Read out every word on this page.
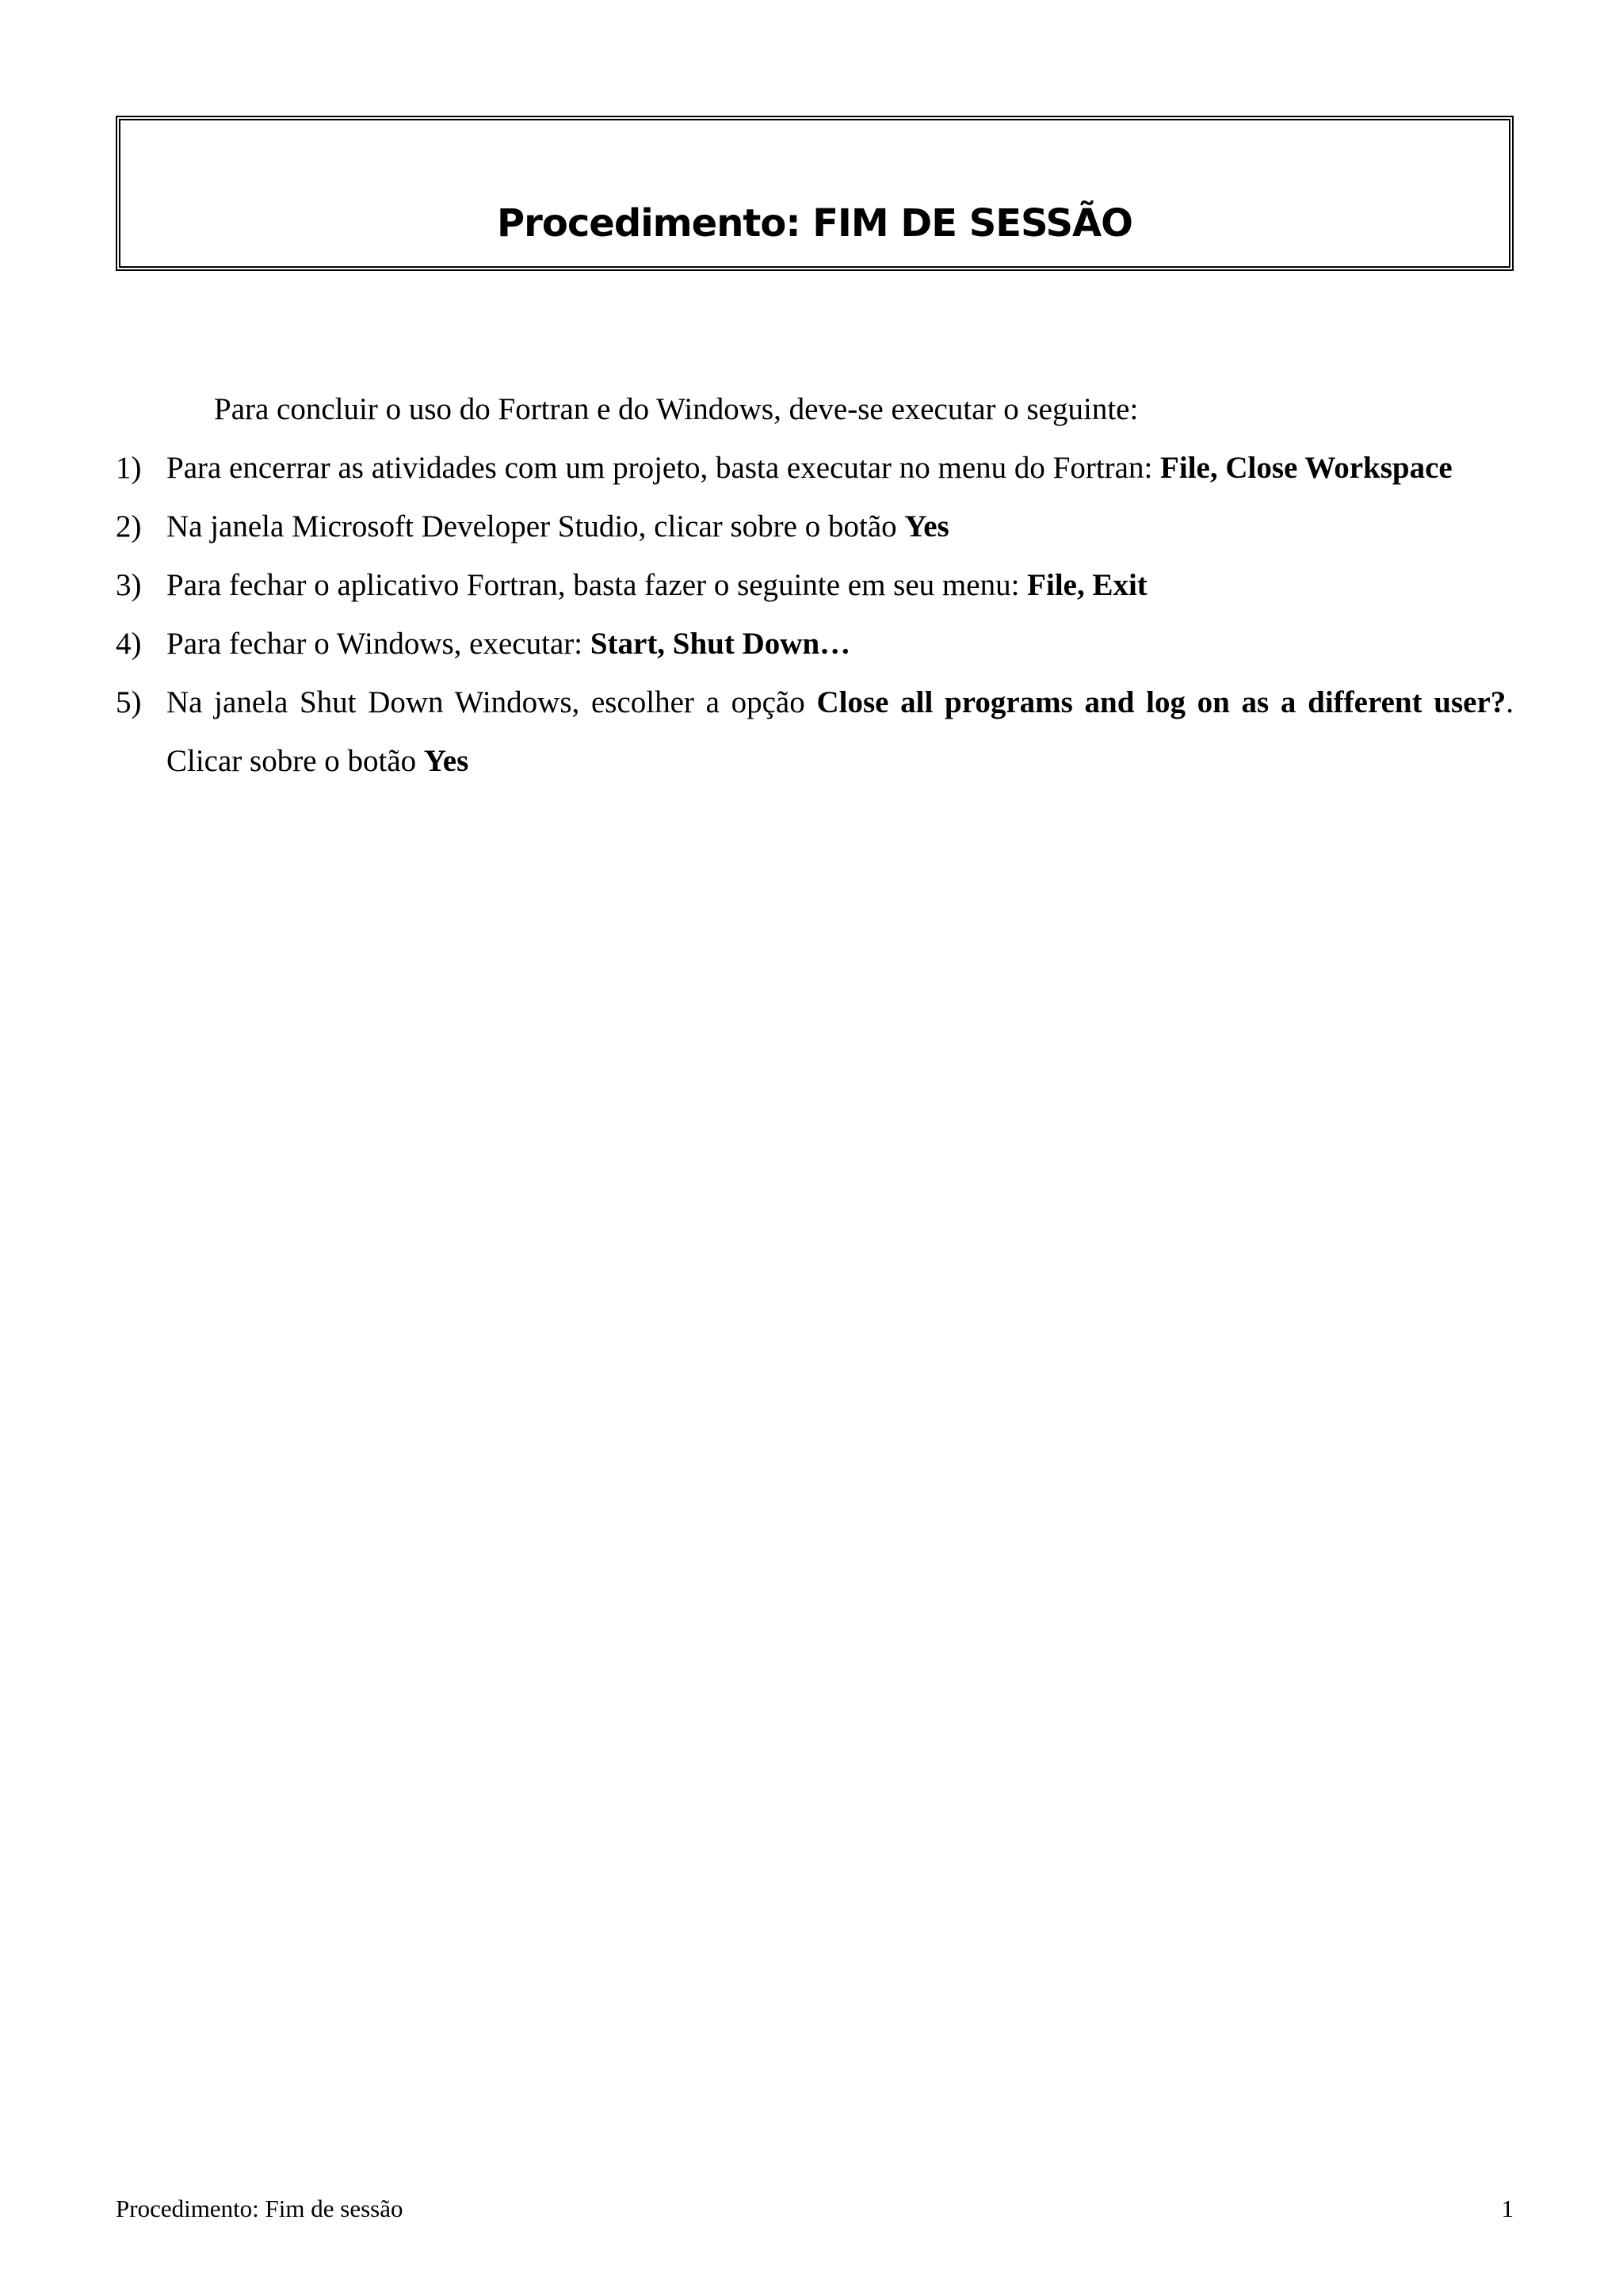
Procedimento: FIM DE SESSÃO
Para concluir o uso do Fortran e do Windows, deve-se executar o seguinte:
1) Para encerrar as atividades com um projeto, basta executar no menu do Fortran: File, Close Workspace
2) Na janela Microsoft Developer Studio, clicar sobre o botão Yes
3) Para fechar o aplicativo Fortran, basta fazer o seguinte em seu menu: File, Exit
4) Para fechar o Windows, executar: Start, Shut Down…
5) Na janela Shut Down Windows, escolher a opção Close all programs and log on as a different user?. Clicar sobre o botão Yes
Procedimento: Fim de sessão	1
